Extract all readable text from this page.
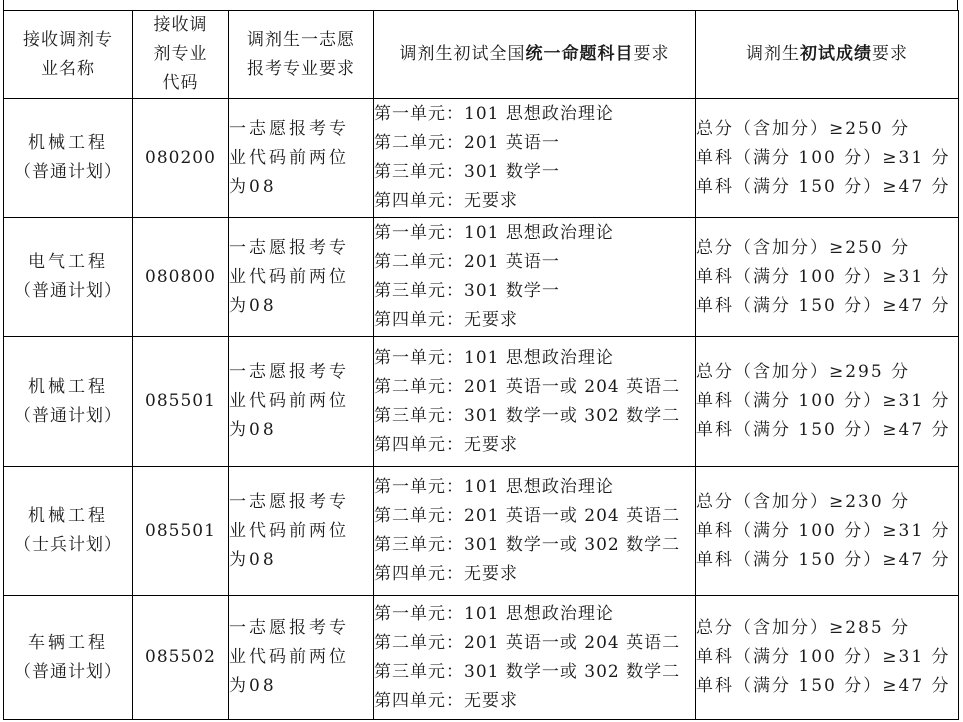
接收调剂专 业名称	接收调 剂专业 代码	调剂生一志愿 报考专业要求	调剂生初试全国统一命题科目要求	调剂生初试成绩要求

机械工程
（普通计划）	080200	一志愿报考专
业代码前两位
为08	第一单元：101 思想政治理论
第二单元：201 英语一
第三单元：301 数学一
第四单元：无要求	总分（含加分）≥250 分
单科（满分 100 分）≥31 分
单科（满分 150 分）≥47 分

电气工程
（普通计划）	080800	一志愿报考专
业代码前两位
为08	第一单元：101 思想政治理论
第二单元：201 英语一
第三单元：301 数学一
第四单元：无要求	总分（含加分）≥250 分
单科（满分 100 分）≥31 分
单科（满分 150 分）≥47 分

机械工程
（普通计划）	085501	一志愿报考专
业代码前两位
为08	第一单元：101 思想政治理论
第二单元：201 英语一或 204 英语二
第三单元：301 数学一或 302 数学二
第四单元：无要求	总分（含加分）≥295 分
单科（满分 100 分）≥31 分
单科（满分 150 分）≥47 分

机械工程
（士兵计划）	085501	一志愿报考专
业代码前两位
为08	第一单元：101 思想政治理论
第二单元：201 英语一或 204 英语二
第三单元：301 数学一或 302 数学二
第四单元：无要求	总分（含加分）≥230 分
单科（满分 100 分）≥31 分
单科（满分 150 分）≥47 分

车辆工程
（普通计划）	085502	一志愿报考专
业代码前两位
为08	第一单元：101 思想政治理论
第二单元：201 英语一或 204 英语二
第三单元：301 数学一或 302 数学二
第四单元：无要求	总分（含加分）≥285 分
单科（满分 100 分）≥31 分
单科（满分 150 分）≥47 分
